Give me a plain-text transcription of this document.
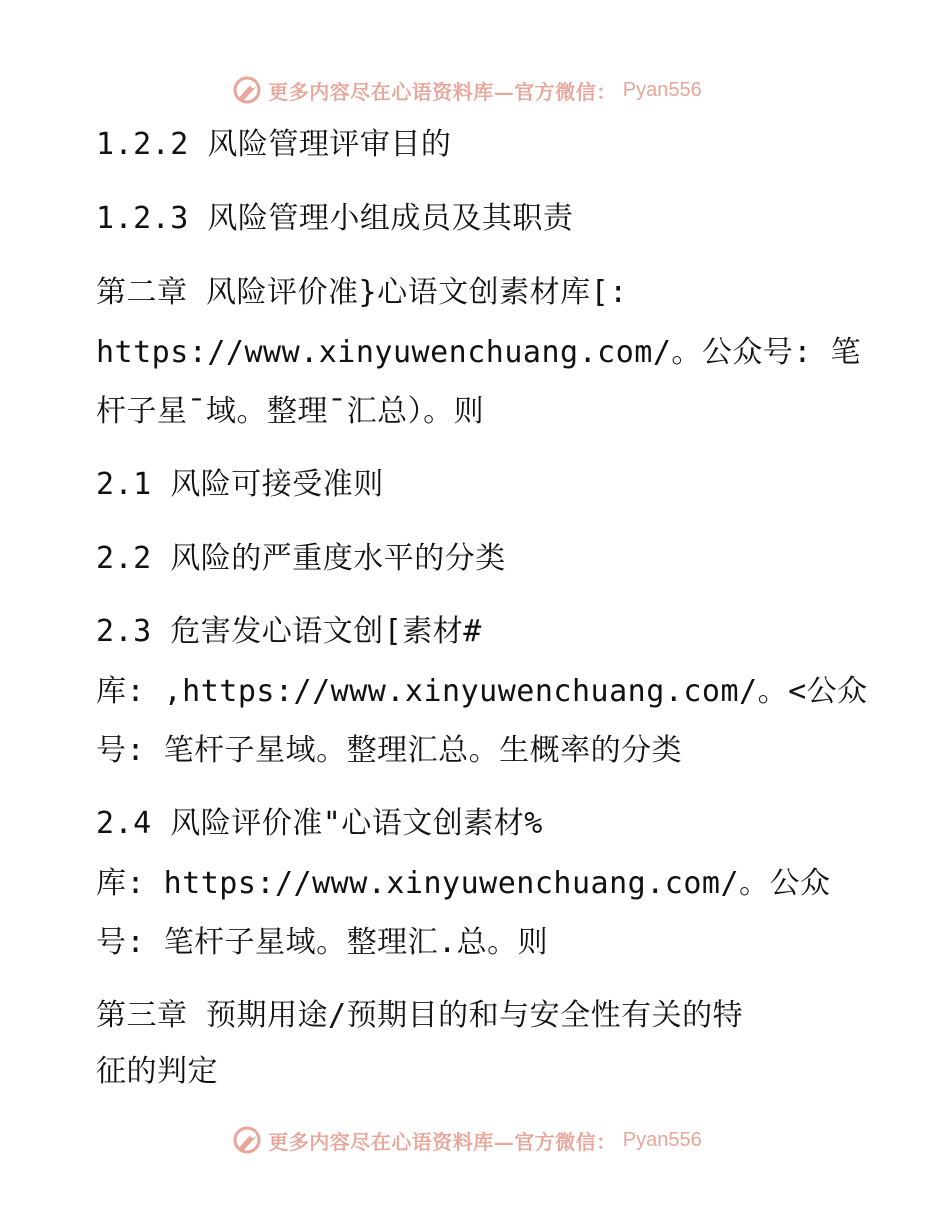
更多内容尽在心语资料库—官方微信： Pyan556
1.2.2 风险管理评审目的
1.2.3 风险管理小组成员及其职责
第二章 风险评价准}心语文创素材库[:
https://www.xinyuwenchuang.com/。公众号: 笔
杆子星¯域。整理¯汇总）。则
2.1 风险可接受准则
2.2 风险的严重度水平的分类
2.3 危害发心语文创[素材#
库: ,https://www.xinyuwenchuang.com/。<公众
号: 笔杆子星域。整理汇总。生概率的分类
2.4 风险评价准"心语文创素材%
库: https://www.xinyuwenchuang.com/。公众
号: 笔杆子星域。整理汇.总。则
第三章 预期用途/预期目的和与安全性有关的特
征的判定
更多内容尽在心语资料库—官方微信： Pyan556
